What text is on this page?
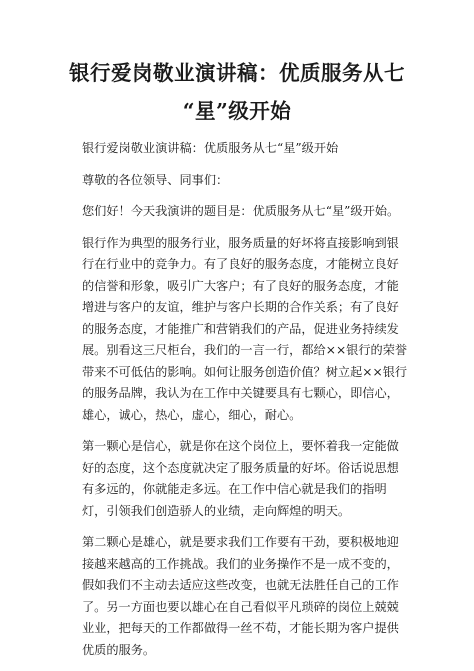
银行爱岗敬业演讲稿：优质服务从七
“星”级开始

银行爱岗敬业演讲稿：优质服务从七“星”级开始

尊敬的各位领导、同事们：

您们好！今天我演讲的题目是：优质服务从七“星”级开始。

银行作为典型的服务行业，服务质量的好坏将直接影响到银行在行业中的竞争力。有了良好的服务态度，才能树立良好的信誉和形象，吸引广大客户；有了良好的服务态度，才能增进与客户的友谊，维护与客户长期的合作关系；有了良好的服务态度，才能推广和营销我们的产品，促进业务持续发展。别看这三尺柜台，我们的一言一行，都给××银行的荣誉带来不可低估的影响。如何让服务创造价值？树立起××银行的服务品牌，我认为在工作中关键要具有七颗心，即信心，雄心，诚心，热心，虚心，细心，耐心。

第一颗心是信心，就是你在这个岗位上，要怀着我一定能做好的态度，这个态度就决定了服务质量的好坏。俗话说思想有多远的，你就能走多远。在工作中信心就是我们的指明灯，引领我们创造骄人的业绩，走向辉煌的明天。

第二颗心是雄心，就是要求我们工作要有干劲，要积极地迎接越来越高的工作挑战。我们的业务操作不是一成不变的，假如我们不主动去适应这些改变，也就无法胜任自己的工作了。另一方面也要以雄心在自己看似平凡琐碎的岗位上兢兢业业，把每天的工作都做得一丝不苟，才能长期为客户提供优质的服务。
